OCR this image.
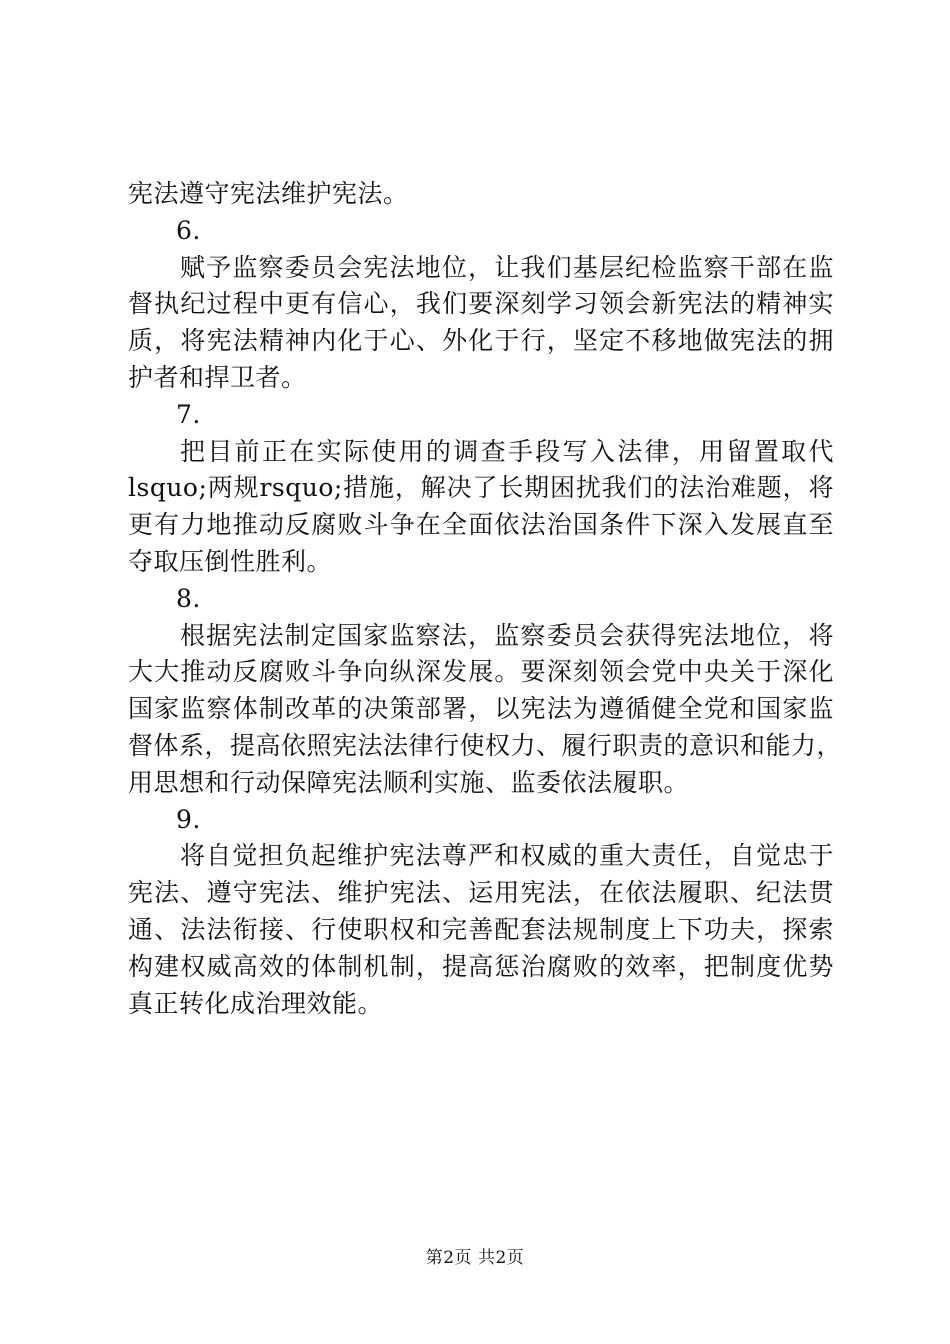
宪法遵守宪法维护宪法。
6.
赋予监察委员会宪法地位，让我们基层纪检监察干部在监
督执纪过程中更有信心，我们要深刻学习领会新宪法的精神实
质，将宪法精神内化于心、外化于行，坚定不移地做宪法的拥
护者和捍卫者。
7.
把目前正在实际使用的调查手段写入法律，用留置取代
lsquo;两规rsquo;措施，解决了长期困扰我们的法治难题，将
更有力地推动反腐败斗争在全面依法治国条件下深入发展直至
夺取压倒性胜利。
8.
根据宪法制定国家监察法，监察委员会获得宪法地位，将
大大推动反腐败斗争向纵深发展。要深刻领会党中央关于深化
国家监察体制改革的决策部署，以宪法为遵循健全党和国家监
督体系，提高依照宪法法律行使权力、履行职责的意识和能力，
用思想和行动保障宪法顺利实施、监委依法履职。
9.
将自觉担负起维护宪法尊严和权威的重大责任，自觉忠于
宪法、遵守宪法、维护宪法、运用宪法，在依法履职、纪法贯
通、法法衔接、行使职权和完善配套法规制度上下功夫，探索
构建权威高效的体制机制，提高惩治腐败的效率，把制度优势
真正转化成治理效能。
第2页 共2页
